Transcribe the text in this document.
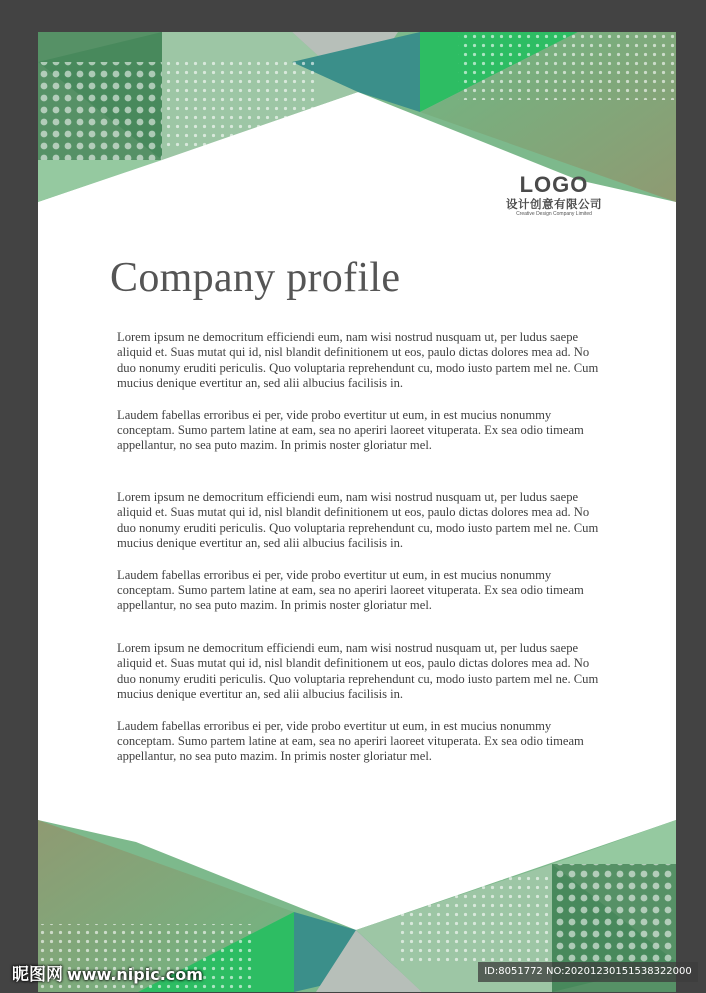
LOGO
设计创意有限公司
Creative Design Company Limited
Company profile

Lorem ipsum ne democritum efficiendi eum, nam wisi nostrud nusquam ut, per ludus saepe aliquid et. Suas mutat qui id, nisl blandit definitionem ut eos, paulo dictas dolores mea ad. No duo nonumy eruditi periculis. Quo voluptaria reprehendunt cu, modo iusto partem mel ne. Cum mucius denique evertitur an, sed alii albucius facilisis in.

Laudem fabellas erroribus ei per, vide probo evertitur ut eum, in est mucius nonummy conceptam. Sumo partem latine at eam, sea no aperiri laoreet vituperata. Ex sea odio timeam appellantur, no sea puto mazim. In primis noster gloriatur mel.

Lorem ipsum ne democritum efficiendi eum, nam wisi nostrud nusquam ut, per ludus saepe aliquid et. Suas mutat qui id, nisl blandit definitionem ut eos, paulo dictas dolores mea ad. No duo nonumy eruditi periculis. Quo voluptaria reprehendunt cu, modo iusto partem mel ne. Cum mucius denique evertitur an, sed alii albucius facilisis in.

Laudem fabellas erroribus ei per, vide probo evertitur ut eum, in est mucius nonummy conceptam. Sumo partem latine at eam, sea no aperiri laoreet vituperata. Ex sea odio timeam appellantur, no sea puto mazim. In primis noster gloriatur mel.

Lorem ipsum ne democritum efficiendi eum, nam wisi nostrud nusquam ut, per ludus saepe aliquid et. Suas mutat qui id, nisl blandit definitionem ut eos, paulo dictas dolores mea ad. No duo nonumy eruditi periculis. Quo voluptaria reprehendunt cu, modo iusto partem mel ne. Cum mucius denique evertitur an, sed alii albucius facilisis in.

Laudem fabellas erroribus ei per, vide probo evertitur ut eum, in est mucius nonummy conceptam. Sumo partem latine at eam, sea no aperiri laoreet vituperata. Ex sea odio timeam appellantur, no sea puto mazim. In primis noster gloriatur mel.

昵图网 www.nipic.com	ID:8051772 NO:20201230151538322000
